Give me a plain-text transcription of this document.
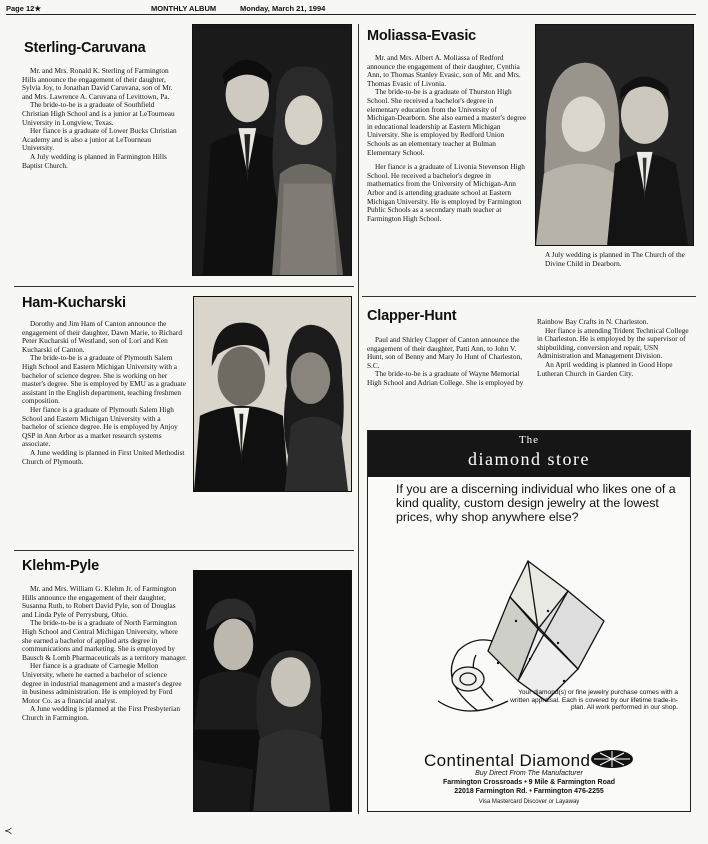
Page 12★	MONTHLY ALBUM	Monday, March 21, 1994
Sterling-Caruvana

Mr. and Mrs. Ronald K. Sterling of Farmington Hills announce the engagement of their daughter, Sylvia Joy, to Jonathan David Caruvana, son of Mr. and Mrs. Lawrence A. Caruvana of Levittown, Pa.

The bride-to-be is a graduate of Southfield Christian High School and is a junior at LeTourneau University in Longview, Texas.

Her fiance is a graduate of Lower Bucks Christian Academy and is also a junior at LeTourneau University.

A July wedding is planned in Farmington Hills Baptist Church.

Moliassa-Evasic

Mr. and Mrs. Albert A. Moliassa of Redford announce the engagement of their daughter, Cynthia Ann, to Thomas Stanley Evasic, son of Mr. and Mrs. Thomas Evasic of Livonia.

The bride-to-be is a graduate of Thurston High School. She received a bachelor's degree in elementary education from the University of Michigan-Dearborn. She also earned a master's degree in educational leadership at Eastern Michigan University. She is employed by Redford Union Schools as an elementary teacher at Bulman Elementary School.

Her fiance is a graduate of Livonia Stevenson High School. He received a bachelor's degree in mathematics from the University of Michigan-Ann Arbor and is attending graduate school at Eastern Michigan University. He is employed by Farmington Public Schools as a secondary math teacher at Farmington High School.

A July wedding is planned in The Church of the Divine Child in Dearborn.
Ham-Kucharski

Dorothy and Jim Ham of Canton announce the engagement of their daughter, Dawn Marie, to Richard Peter Kucharski of Westland, son of Lori and Ken Kucharski of Canton.

The bride-to-be is a graduate of Plymouth Salem High School and Eastern Michigan University with a bachelor of science degree. She is working on her master's degree. She is employed by EMU as a graduate assistant in the English department, teaching freshmen composition.

Her fiance is a graduate of Plymouth Salem High School and Eastern Michigan University with a bachelor of science degree. He is employed by Anjoy QSP in Ann Arbor as a market research systems associate.

A June wedding is planned in First United Methodist Church of Plymouth.

Clapper-Hunt

Paul and Shirley Clapper of Canton announce the engagement of their daughter, Patti Ann, to John V. Hunt, son of Benny and Mary Jo Hunt of Charleston, S.C.

The bride-to-be is a graduate of Wayne Memorial High School and Adrian College. She is employed by

Rainbow Bay Crafts in N. Charleston.

Her fiance is attending Trident Technical College in Charleston. He is employed by the supervisor of shipbuilding, conversion and repair, USN Administration and Management Division.

An April wedding is planned in Good Hope Lutheran Church in Garden City.

The
diamond store
If you are a discerning individual who likes one of a kind quality, custom design jewelry at the lowest prices, why shop anywhere else?
Your diamond(s) or fine jewelry purchase comes with a written appraisal. Each is covered by our lifetime trade-in-plan. All work performed in our shop.
Continental Diamond
Buy Direct From The Manufacturer
Farmington Crossroads • 9 Mile & Farmington Road
22018 Farmington Rd. • Farmington 476-2255
Visa Mastercard Discover or Layaway
Klehm-Pyle

Mr. and Mrs. William G. Klehm Jr. of Farmington Hills announce the engagement of their daughter, Susanna Ruth, to Robert David Pyle, son of Douglas and Linda Pyle of Perrysburg, Ohio.

The bride-to-be is a graduate of North Farmington High School and Central Michigan University, where she earned a bachelor of applied arts degree in communications and marketing. She is employed by Bausch & Lomb Pharmaceuticals as a territory manager.

Her fiance is a graduate of Carnegie Mellon University, where he earned a bachelor of science degree in industrial management and a master's degree in business administration. He is employed by Ford Motor Co. as a financial analyst.

A June wedding is planned at the First Presbyterian Church in Farmington.

≺
